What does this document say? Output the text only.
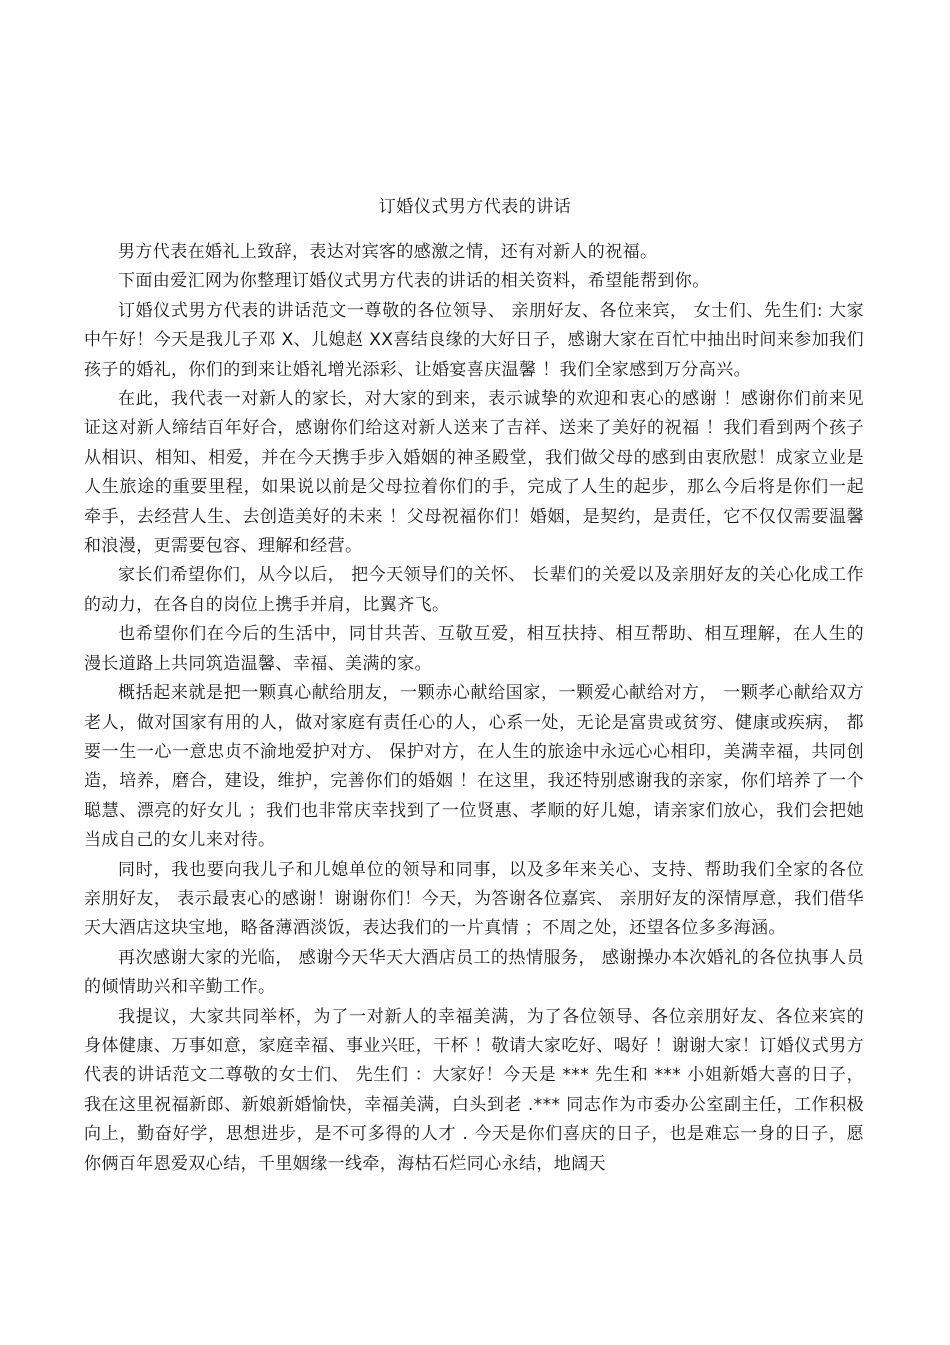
订婚仪式男方代表的讲话

男方代表在婚礼上致辞，表达对宾客的感激之情，还有对新人的祝福。

下面由爱汇网为你整理订婚仪式男方代表的讲话的相关资料，希望能帮到你。

订婚仪式男方代表的讲话范文一尊敬的各位领导、 亲朋好友、各位来宾， 女士们、先生们: 大家中午好！今天是我儿子邓 X、儿媳赵 XX喜结良缘的大好日子，感谢大家在百忙中抽出时间来参加我们孩子的婚礼，你们的到来让婚礼增光添彩、让婚宴喜庆温馨 ！我们全家感到万分高兴。

在此，我代表一对新人的家长，对大家的到来，表示诚挚的欢迎和衷心的感谢 ！感谢你们前来见证这对新人缔结百年好合，感谢你们给这对新人送来了吉祥、送来了美好的祝福 ！我们看到两个孩子从相识、相知、相爱，并在今天携手步入婚姻的神圣殿堂，我们做父母的感到由衷欣慰！成家立业是人生旅途的重要里程，如果说以前是父母拉着你们的手，完成了人生的起步，那么今后将是你们一起牵手，去经营人生、去创造美好的未来 ！父母祝福你们！婚姻，是契约，是责任，它不仅仅需要温馨和浪漫，更需要包容、理解和经营。

家长们希望你们，从今以后， 把今天领导们的关怀、 长辈们的关爱以及亲朋好友的关心化成工作的动力，在各自的岗位上携手并肩，比翼齐飞。

也希望你们在今后的生活中，同甘共苦、互敬互爱，相互扶持、相互帮助、相互理解，在人生的漫长道路上共同筑造温馨、幸福、美满的家。

概括起来就是把一颗真心献给朋友，一颗赤心献给国家，一颗爱心献给对方， 一颗孝心献给双方老人，做对国家有用的人，做对家庭有责任心的人，心系一处，无论是富贵或贫穷、健康或疾病， 都要一生一心一意忠贞不渝地爱护对方、 保护对方，在人生的旅途中永远心心相印，美满幸福，共同创造，培养，磨合，建设，维护，完善你们的婚姻 ！在这里，我还特别感谢我的亲家，你们培养了一个聪慧、漂亮的好女儿 ；我们也非常庆幸找到了一位贤惠、孝顺的好儿媳，请亲家们放心，我们会把她当成自己的女儿来对待。

同时，我也要向我儿子和儿媳单位的领导和同事，以及多年来关心、支持、帮助我们全家的各位亲朋好友， 表示最衷心的感谢！谢谢你们！今天，为答谢各位嘉宾、 亲朋好友的深情厚意，我们借华天大酒店这块宝地，略备薄酒淡饭，表达我们的一片真情 ；不周之处，还望各位多多海涵。

再次感谢大家的光临， 感谢今天华天大酒店员工的热情服务， 感谢操办本次婚礼的各位执事人员的倾情助兴和辛勤工作。

我提议，大家共同举杯，为了一对新人的幸福美满，为了各位领导、各位亲朋好友、各位来宾的身体健康、万事如意，家庭幸福、事业兴旺，干杯 ！敬请大家吃好、喝好 ！谢谢大家！订婚仪式男方代表的讲话范文二尊敬的女士们、 先生们 ：大家好！今天是 *** 先生和 *** 小姐新婚大喜的日子，我在这里祝福新郎、新娘新婚愉快，幸福美满，白头到老 .*** 同志作为市委办公室副主任，工作积极向上，勤奋好学，思想进步，是不可多得的人才 . 今天是你们喜庆的日子，也是难忘一身的日子，愿你俩百年恩爱双心结，千里姻缘一线牵，海枯石烂同心永结，地阔天
